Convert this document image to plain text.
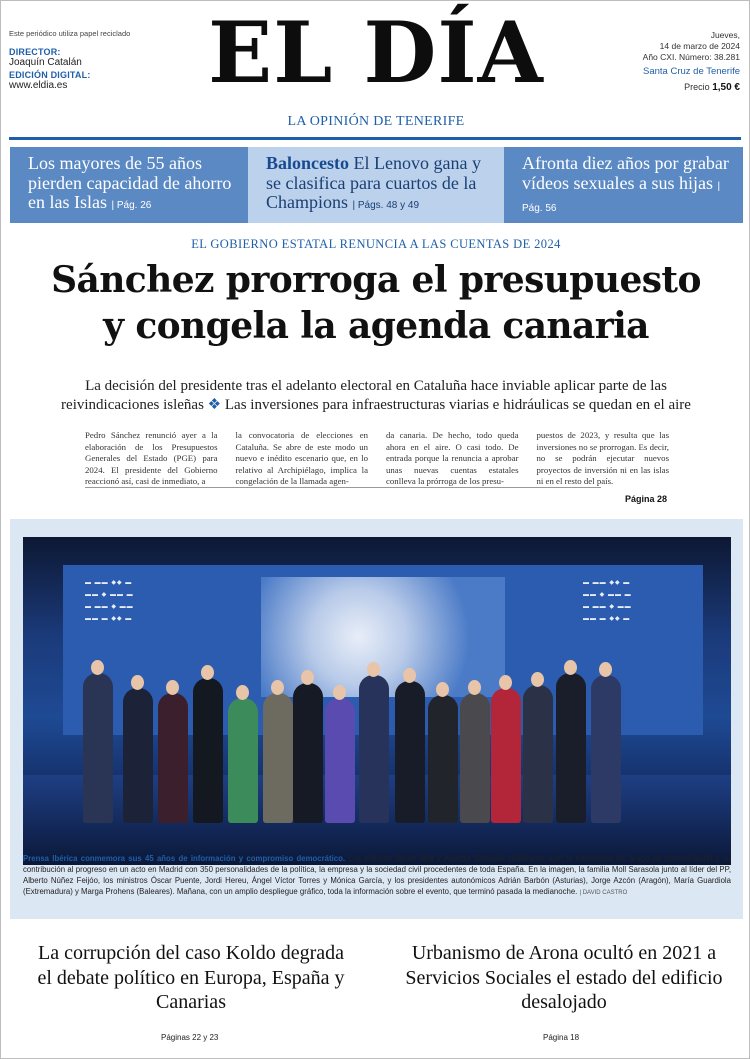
Este periódico utiliza papel reciclado
DIRECTOR:
Joaquín Catalán
EDICIÓN DIGITAL:
www.eldia.es	EL DÍA
LA OPINIÓN DE TENERIFE
Jueves,
14 de marzo de 2024
Año CXI. Número: 38.281
Santa Cruz de Tenerife
Precio 1,50 €
Los mayores de 55 años pierden capacidad de ahorro en las Islas | Pág. 26
Baloncesto El Lenovo gana y se clasifica para cuartos de la Champions | Págs. 48 y 49
Afronta diez años por grabar vídeos sexuales a sus hijas | Pág. 56
EL GOBIERNO ESTATAL RENUNCIA A LAS CUENTAS DE 2024
Sánchez prorroga el presupuesto
y congela la agenda canaria
La decisión del presidente tras el adelanto electoral en Cataluña hace inviable aplicar parte de las
reivindicaciones isleñas ❖ Las inversiones para infraestructuras viarias e hidráulicas se quedan en el aire

Pedro Sánchez renunció ayer a la elaboración de los Presupuestos Generales del Estado (PGE) para 2024. El presidente del Gobierno reaccionó así, casi de inmediato, a

la convocatoria de elecciones en Cataluña. Se abre de este modo un nuevo e inédito escenario que, en lo relativo al Archipiélago, implica la congelación de la llamada agen-

da canaria. De hecho, todo queda ahora en el aire. O casi todo. De entrada porque la renuncia a aprobar unas nuevas cuentas estatales conlleva la prórroga de los presu-

puestos de 2023, y resulta que las inversiones no se prorrogan. Es decir, no se podrán ejecutar nuevos proyectos de inversión ni en las islas ni en el resto del país.

Página 28
▬ ▬▬ ◆◆ ▬
▬▬ ◆ ▬▬ ▬
▬ ▬▬ ◆ ▬▬
▬▬ ▬ ◆◆ ▬
▬ ▬▬ ◆◆ ▬
▬▬ ◆ ▬▬ ▬
▬ ▬▬ ◆ ▬▬
▬▬ ▬ ◆◆ ▬
Prensa Ibérica conmemora sus 45 años de información y compromiso democrático. Los editores Javier Moll y Arantza Sarasola celebraron ayer la trayectoria del grupo de comunicación y su contribución al progreso en un acto en Madrid con 350 personalidades de la política, la empresa y la sociedad civil procedentes de toda España. En la imagen, la familia Moll Sarasola junto al líder del PP, Alberto Núñez Feijóo, los ministros Óscar Puente, Jordi Hereu, Ángel Víctor Torres y Mónica García, y los presidentes autonómicos Adrián Barbón (Asturias), Jorge Azcón (Aragón), María Guardiola (Extremadura) y Marga Prohens (Baleares). Mañana, con un amplio despliegue gráfico, toda la información sobre el evento, que terminó pasada la medianoche. | DAVID CASTRO
La corrupción del caso Koldo degrada el debate político en Europa, España y Canarias
Urbanismo de Arona ocultó en 2021 a Servicios Sociales el estado del edificio desalojado
Páginas 22 y 23	Página 18
